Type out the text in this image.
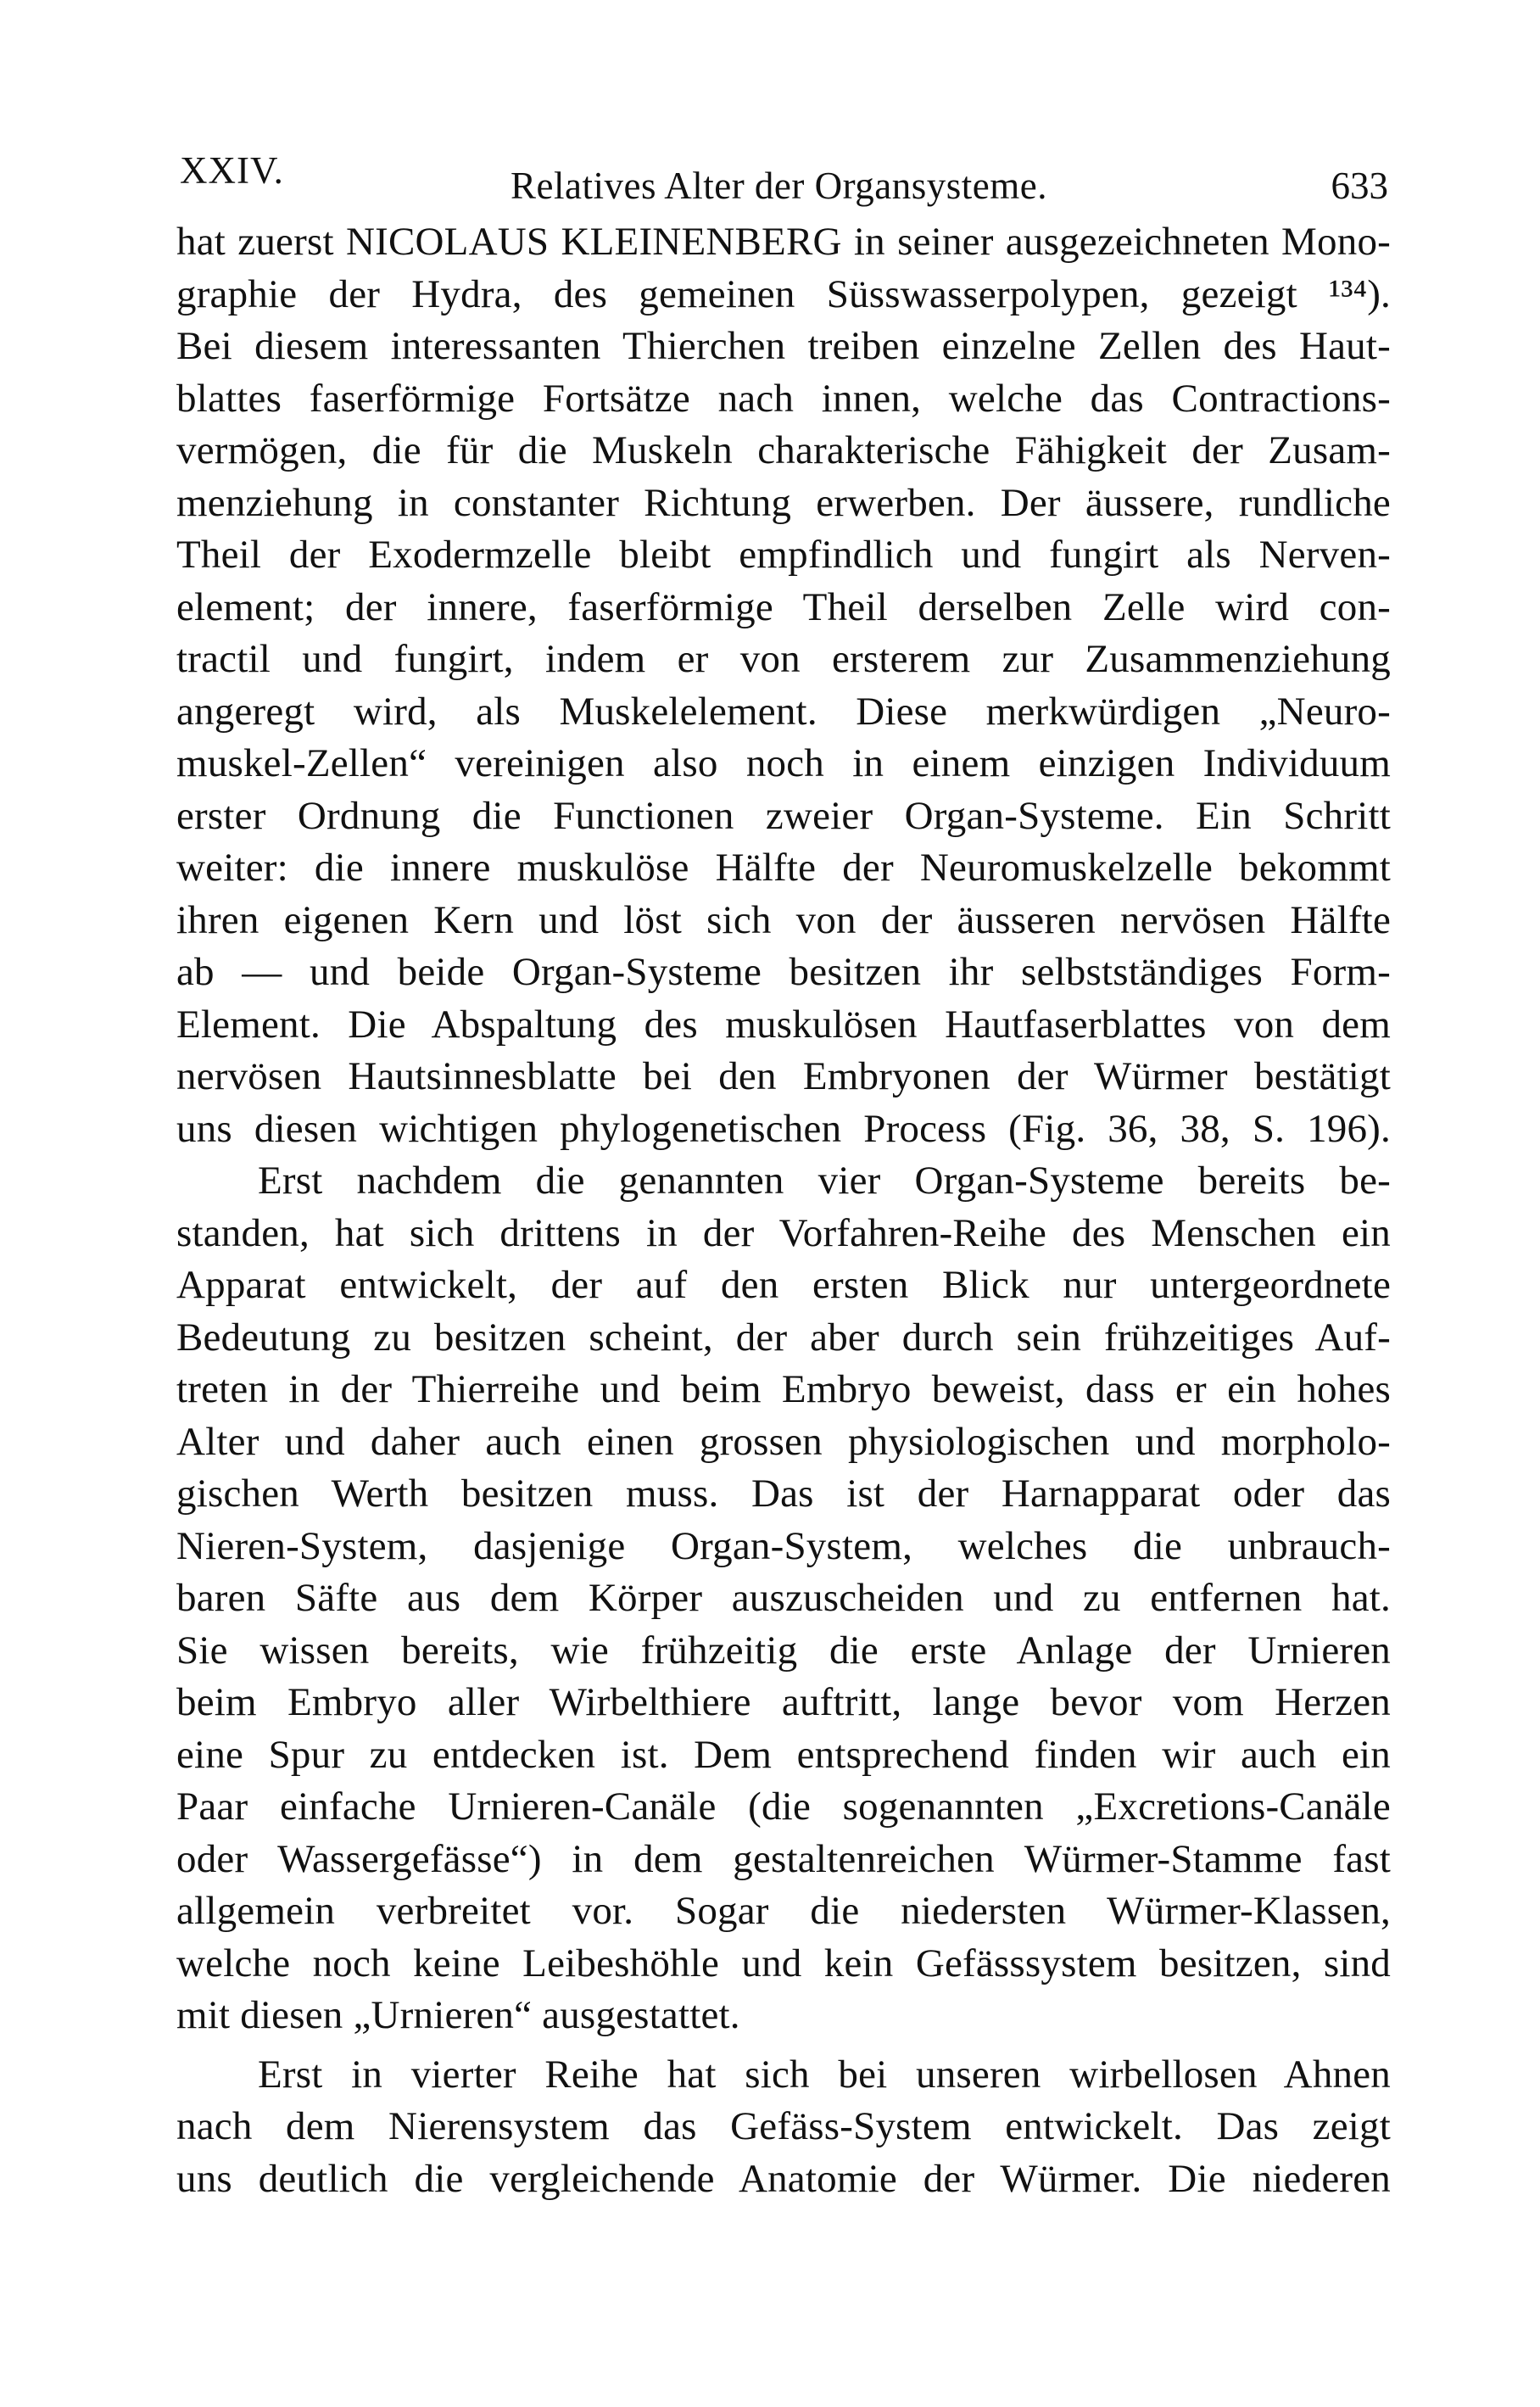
XXIV.	Relatives Alter der Organsysteme.	633
hat zuerst NICOLAUS KLEINENBERG in seiner ausgezeichneten Mono-
graphie der Hydra, des gemeinen Süsswasserpolypen, gezeigt ¹³⁴).
Bei diesem interessanten Thierchen treiben einzelne Zellen des Haut-
blattes faserförmige Fortsätze nach innen, welche das Contractions-
vermögen, die für die Muskeln charakterische Fähigkeit der Zusam-
menziehung in constanter Richtung erwerben. Der äussere, rundliche
Theil der Exodermzelle bleibt empfindlich und fungirt als Nerven-
element; der innere, faserförmige Theil derselben Zelle wird con-
tractil und fungirt, indem er von ersterem zur Zusammenziehung
angeregt wird, als Muskelelement. Diese merkwürdigen „Neuro-
muskel-Zellen“ vereinigen also noch in einem einzigen Individuum
erster Ordnung die Functionen zweier Organ-Systeme. Ein Schritt
weiter: die innere muskulöse Hälfte der Neuromuskelzelle bekommt
ihren eigenen Kern und löst sich von der äusseren nervösen Hälfte
ab — und beide Organ-Systeme besitzen ihr selbstständiges Form-
Element. Die Abspaltung des muskulösen Hautfaserblattes von dem
nervösen Hautsinnesblatte bei den Embryonen der Würmer bestätigt
uns diesen wichtigen phylogenetischen Process (Fig. 36, 38, S. 196).
Erst nachdem die genannten vier Organ-Systeme bereits be-
standen, hat sich drittens in der Vorfahren-Reihe des Menschen ein
Apparat entwickelt, der auf den ersten Blick nur untergeordnete
Bedeutung zu besitzen scheint, der aber durch sein frühzeitiges Auf-
treten in der Thierreihe und beim Embryo beweist, dass er ein hohes
Alter und daher auch einen grossen physiologischen und morpholo-
gischen Werth besitzen muss. Das ist der Harnapparat oder das
Nieren-System, dasjenige Organ-System, welches die unbrauch-
baren Säfte aus dem Körper auszuscheiden und zu entfernen hat.
Sie wissen bereits, wie frühzeitig die erste Anlage der Urnieren
beim Embryo aller Wirbelthiere auftritt, lange bevor vom Herzen
eine Spur zu entdecken ist. Dem entsprechend finden wir auch ein
Paar einfache Urnieren-Canäle (die sogenannten „Excretions-Canäle
oder Wassergefässe“) in dem gestaltenreichen Würmer-Stamme fast
allgemein verbreitet vor. Sogar die niedersten Würmer-Klassen,
welche noch keine Leibeshöhle und kein Gefässsystem besitzen, sind
mit diesen „Urnieren“ ausgestattet.
Erst in vierter Reihe hat sich bei unseren wirbellosen Ahnen
nach dem Nierensystem das Gefäss-System entwickelt. Das zeigt
uns deutlich die vergleichende Anatomie der Würmer. Die niederen
